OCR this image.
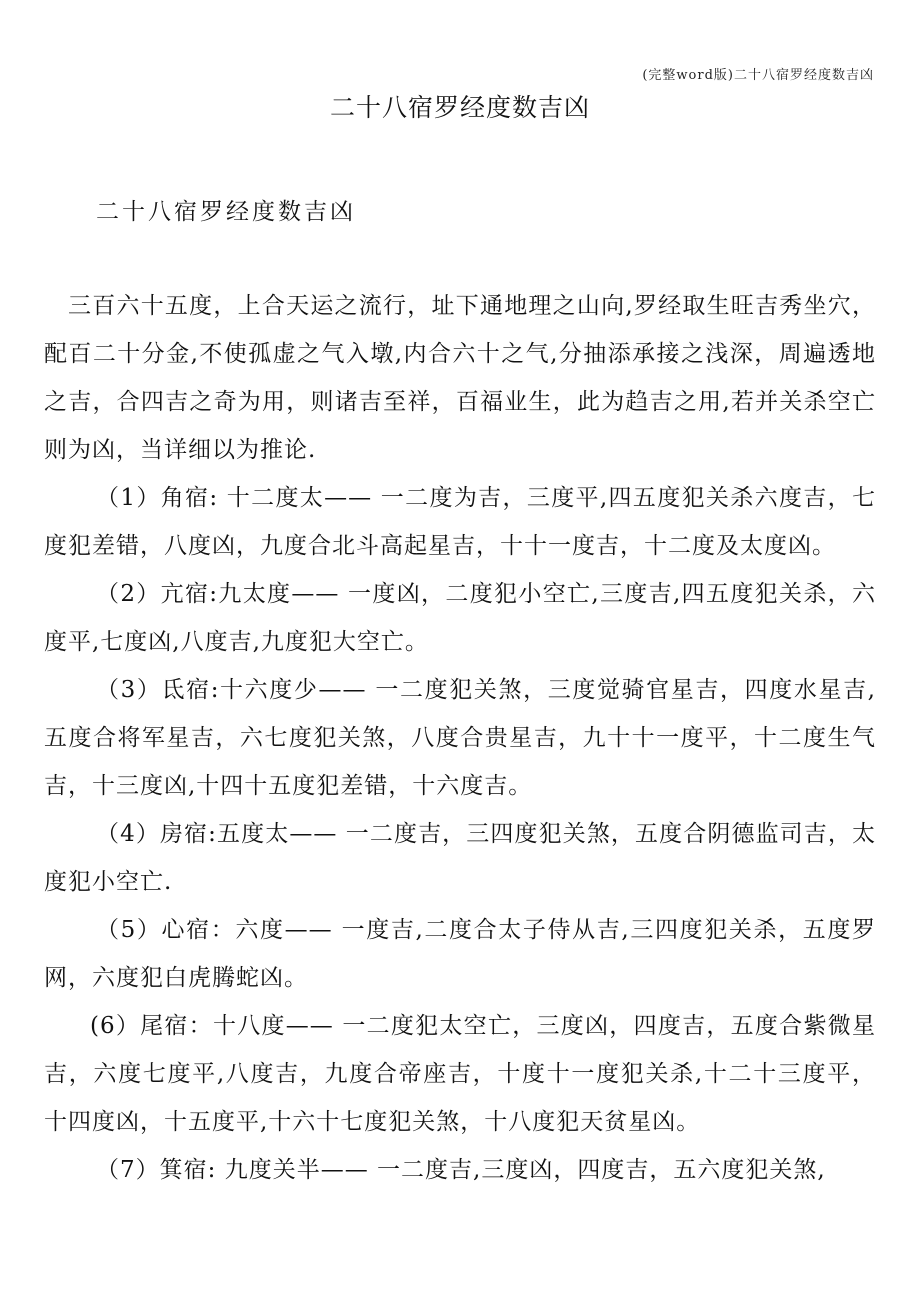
(完整word版)二十八宿罗经度数吉凶
二十八宿罗经度数吉凶
二十八宿罗经度数吉凶

三百六十五度，上合天运之流行，址下通地理之山向,罗经取生旺吉秀坐穴，配百二十分金,不使孤虚之气入墩,内合六十之气,分抽添承接之浅深，周遍透地之吉，合四吉之奇为用，则诸吉至祥，百福业生，此为趋吉之用,若并关杀空亡则为凶，当详细以为推论.

（1）角宿: 十二度太—— 一二度为吉，三度平,四五度犯关杀六度吉，七度犯差错，八度凶，九度合北斗高起星吉，十十一度吉，十二度及太度凶。

（2）亢宿:九太度—— 一度凶，二度犯小空亡,三度吉,四五度犯关杀，六度平,七度凶,八度吉,九度犯大空亡。

（3）氐宿:十六度少—— 一二度犯关煞，三度觉骑官星吉，四度水星吉,五度合将军星吉，六七度犯关煞，八度合贵星吉，九十十一度平，十二度生气吉，十三度凶,十四十五度犯差错，十六度吉。

（4）房宿:五度太—— 一二度吉，三四度犯关煞，五度合阴德监司吉，太度犯小空亡.

（5）心宿：六度—— 一度吉,二度合太子侍从吉,三四度犯关杀，五度罗网，六度犯白虎腾蛇凶。

(6）尾宿：十八度—— 一二度犯太空亡，三度凶，四度吉，五度合紫微星吉，六度七度平,八度吉，九度合帝座吉，十度十一度犯关杀,十二十三度平，十四度凶，十五度平,十六十七度犯关煞，十八度犯天贫星凶。

（7）箕宿: 九度关半—— 一二度吉,三度凶，四度吉，五六度犯关煞,
